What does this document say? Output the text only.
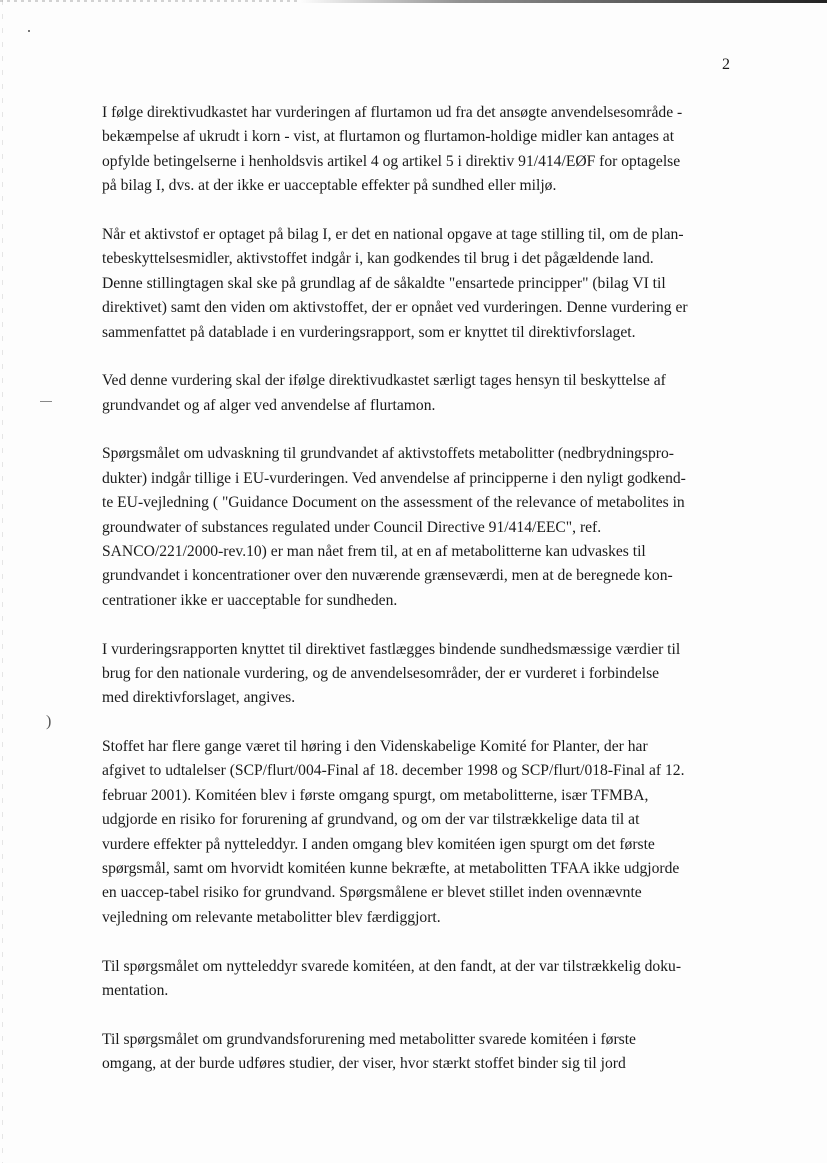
)
2

I følge direktivudkastet har vurderingen af flurtamon ud fra det ansøgte anvendelsesområde -
bekæmpelse af ukrudt i korn - vist, at flurtamon og flurtamon-holdige midler kan antages at
opfylde betingelserne i henholdsvis artikel 4 og artikel 5 i direktiv 91/414/EØF for optagelse
på bilag I, dvs. at der ikke er uacceptable effekter på sundhed eller miljø.

Når et aktivstof er optaget på bilag I, er det en national opgave at tage stilling til, om de plan-
tebeskyttelsesmidler, aktivstoffet indgår i, kan godkendes til brug i det pågældende land.
Denne stillingtagen skal ske på grundlag af de såkaldte "ensartede principper" (bilag VI til
direktivet) samt den viden om aktivstoffet, der er opnået ved vurderingen. Denne vurdering er
sammenfattet på datablade i en vurderingsrapport, som er knyttet til direktivforslaget.

Ved denne vurdering skal der ifølge direktivudkastet særligt tages hensyn til beskyttelse af
grundvandet og af alger ved anvendelse af flurtamon.

Spørgsmålet om udvaskning til grundvandet af aktivstoffets metabolitter (nedbrydningspro-
dukter) indgår tillige i EU-vurderingen. Ved anvendelse af principperne i den nyligt godkend-
te EU-vejledning ( "Guidance Document on the assessment of the relevance of metabolites in
groundwater of substances regulated under Council Directive 91/414/EEC", ref.
SANCO/221/2000-rev.10) er man nået frem til, at en af metabolitterne kan udvaskes til
grundvandet i koncentrationer over den nuværende grænseværdi, men at de beregnede kon-
centrationer ikke er uacceptable for sundheden.

I vurderingsrapporten knyttet til direktivet fastlægges bindende sundhedsmæssige værdier til
brug for den nationale vurdering, og de anvendelsesområder, der er vurderet i forbindelse
med direktivforslaget, angives.

Stoffet har flere gange været til høring i den Videnskabelige Komité for Planter, der har
afgivet to udtalelser (SCP/flurt/004-Final af 18. december 1998 og SCP/flurt/018-Final af 12.
februar 2001). Komitéen blev i første omgang spurgt, om metabolitterne, især TFMBA,
udgjorde en risiko for forurening af grundvand, og om der var tilstrækkelige data til at
vurdere effekter på nytteleddyr. I anden omgang blev komitéen igen spurgt om det første
spørgsmål, samt om hvorvidt komitéen kunne bekræfte, at metabolitten TFAA ikke udgjorde
en uaccep-tabel risiko for grundvand. Spørgsmålene er blevet stillet inden ovennævnte
vejledning om relevante metabolitter blev færdiggjort.

Til spørgsmålet om nytteleddyr svarede komitéen, at den fandt, at der var tilstrækkelig doku-
mentation.

Til spørgsmålet om grundvandsforurening med metabolitter svarede komitéen i første
omgang, at der burde udføres studier, der viser, hvor stærkt stoffet binder sig til jord
